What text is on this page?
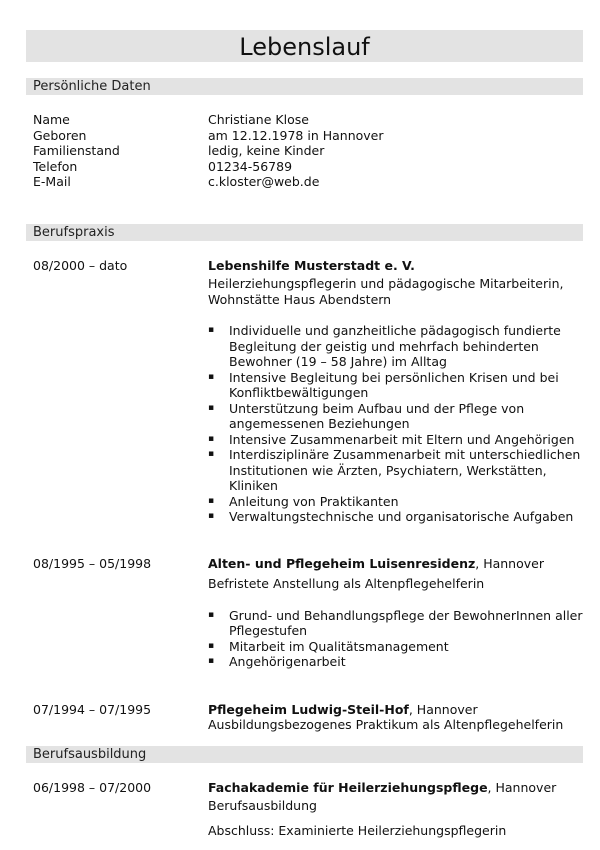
Lebenslauf
Persönliche Daten
Name	Christiane Klose
Geboren	am 12.12.1978 in Hannover
Familienstand	ledig, keine Kinder
Telefon	01234-56789
E-Mail	c.kloster@web.de
Berufspraxis
08/2000 – dato	Lebenshilfe Musterstadt e. V.
Heilerziehungspflegerin und pädagogische Mitarbeiterin, Wohnstätte Haus Abendstern
▪ Individuelle und ganzheitliche pädagogisch fundierte Begleitung der geistig und mehrfach behinderten Bewohner (19 – 58 Jahre) im Alltag
▪ Intensive Begleitung bei persönlichen Krisen und bei Konfliktbewältigungen
▪ Unterstützung beim Aufbau und der Pflege von angemessenen Beziehungen
▪ Intensive Zusammenarbeit mit Eltern und Angehörigen
▪ Interdisziplinäre Zusammenarbeit mit unterschiedlichen Institutionen wie Ärzten, Psychiatern, Werkstätten, Kliniken
▪ Anleitung von Praktikanten
▪ Verwaltungstechnische und organisatorische Aufgaben
08/1995 – 05/1998	Alten- und Pflegeheim Luisenresidenz, Hannover
Befristete Anstellung als Altenpflegehelferin
▪ Grund- und Behandlungspflege der BewohnerInnen aller Pflegestufen
▪ Mitarbeit im Qualitätsmanagement
▪ Angehörigenarbeit
07/1994 – 07/1995	Pflegeheim Ludwig-Steil-Hof, Hannover
Ausbildungsbezogenes Praktikum als Altenpflegehelferin
Berufsausbildung
06/1998 – 07/2000	Fachakademie für Heilerziehungspflege, Hannover
Berufsausbildung
Abschluss: Examinierte Heilerziehungspflegerin
